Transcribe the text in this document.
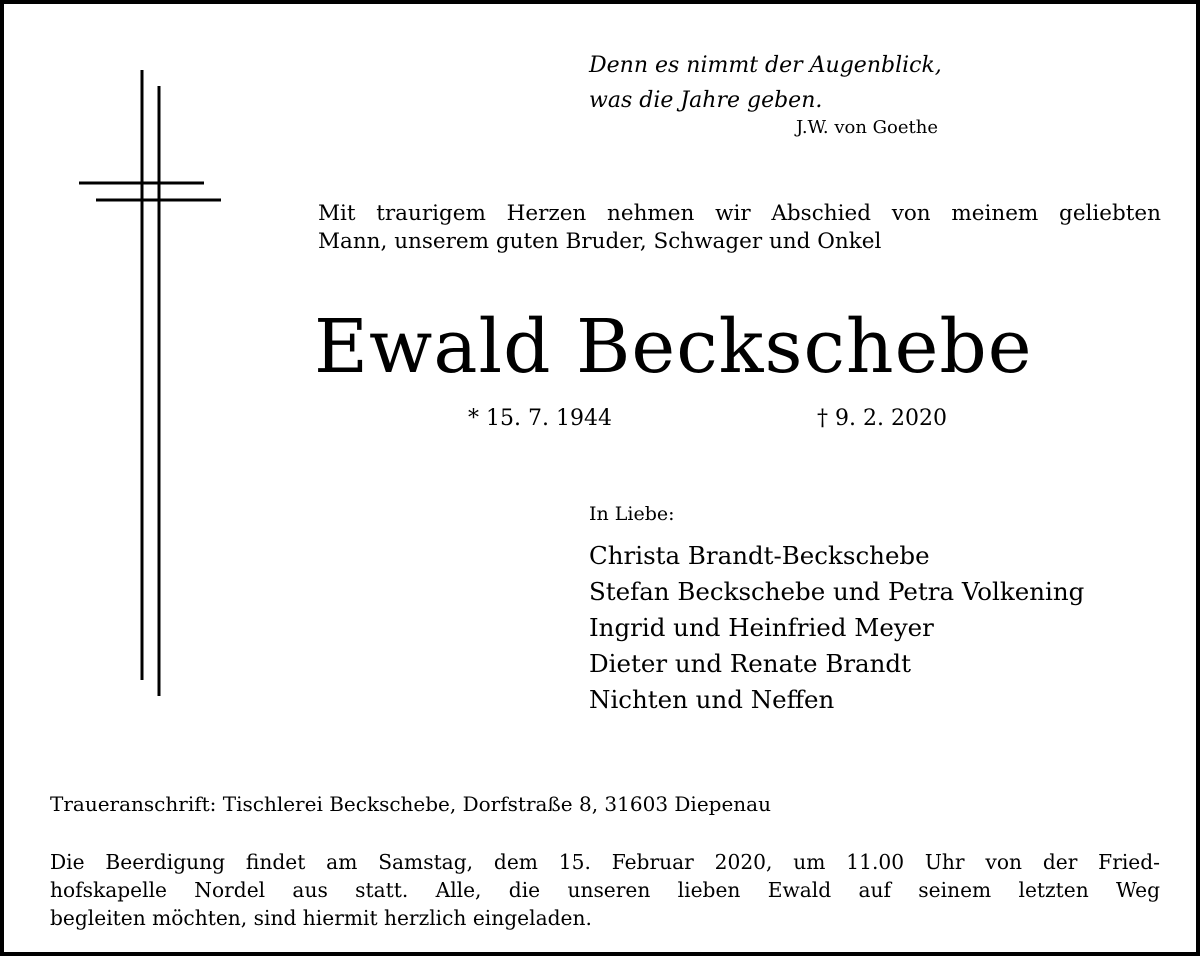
Denn es nimmt der Augenblick,
was die Jahre geben.
J.W. von Goethe
Mit traurigem Herzen nehmen wir Abschied von meinem geliebten
Mann, unserem guten Bruder, Schwager und Onkel
Ewald Beckschebe
* 15. 7. 1944	† 9. 2. 2020
In Liebe:
Christa Brandt-Beckschebe
Stefan Beckschebe und Petra Volkening
Ingrid und Heinfried Meyer
Dieter und Renate Brandt
Nichten und Neffen
Traueranschrift: Tischlerei Beckschebe, Dorfstraße 8, 31603 Diepenau
Die Beerdigung findet am Samstag, dem 15. Februar 2020, um 11.00 Uhr von der Fried-
hofskapelle Nordel aus statt. Alle, die unseren lieben Ewald auf seinem letzten Weg
begleiten möchten, sind hiermit herzlich eingeladen.
